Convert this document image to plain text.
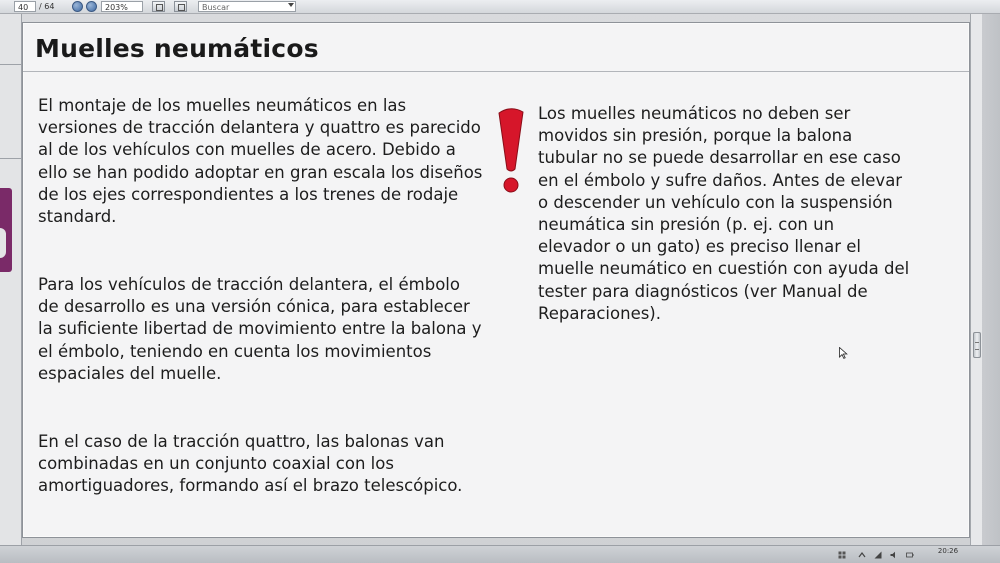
40	/ 64	203%	Buscar
Muelles neumáticos

El montaje de los muelles neumáticos en las versiones de tracción delantera y quattro es parecido al de los vehículos con muelles de acero. Debido a ello se han podido adoptar en gran escala los diseños de los ejes correspondientes a los trenes de rodaje standard.

Para los vehículos de tracción delantera, el émbolo de desarrollo es una versión cónica, para establecer la suficiente libertad de movimiento entre la balona y el émbolo, teniendo en cuenta los movimientos espaciales del muelle.

En el caso de la tracción quattro, las balonas van combinadas en un conjunto coaxial con los amortiguadores, formando así el brazo telescópico.

Los muelles neumáticos no deben ser movidos sin presión, porque la balona tubular no se puede desarrollar en ese caso en el émbolo y sufre daños. Antes de elevar o descender un vehículo con la suspensión neumática sin presión (p. ej. con un elevador o un gato) es preciso llenar el muelle neumático en cuestión con ayuda del tester para diagnósticos (ver Manual de Reparaciones).

20:26
